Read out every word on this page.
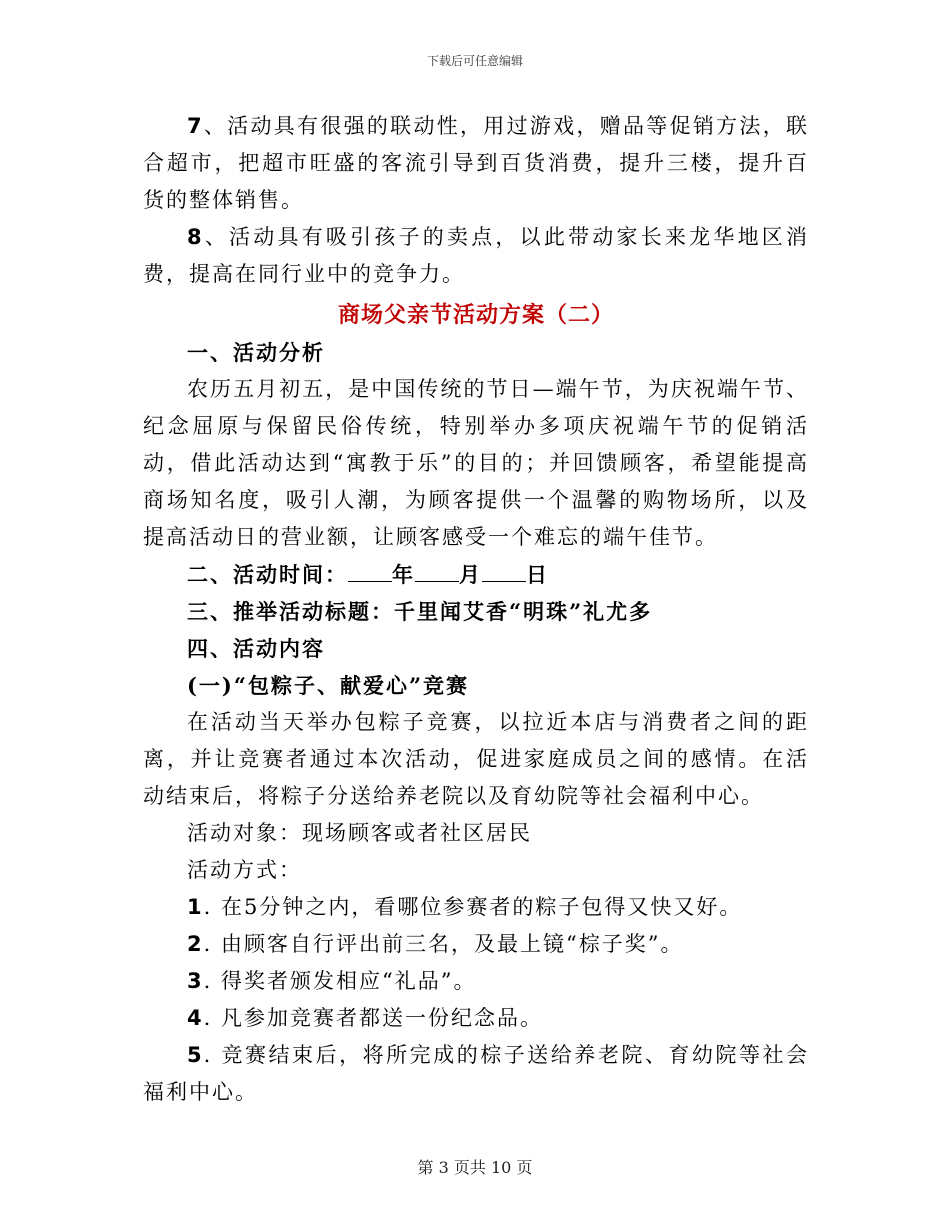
下载后可任意编辑

7、活动具有很强的联动性，用过游戏，赠品等促销方法，联合超市，把超市旺盛的客流引导到百货消费，提升三楼，提升百货的整体销售。

8、活动具有吸引孩子的卖点，以此带动家长来龙华地区消费，提高在同行业中的竞争力。

商场父亲节活动方案（二）

一、活动分析

农历五月初五，是中国传统的节日—端午节，为庆祝端午节、纪念屈原与保留民俗传统，特别举办多项庆祝端午节的促销活动，借此活动达到“寓教于乐”的目的；并回馈顾客，希望能提高商场知名度，吸引人潮，为顾客提供一个温馨的购物场所，以及提高活动日的营业额，让顾客感受一个难忘的端午佳节。

二、活动时间： 年 月 日

三、推举活动标题：千里闻艾香“明珠”礼尤多

四、活动内容

(一)“包粽子、献爱心”竞赛

在活动当天举办包粽子竞赛，以拉近本店与消费者之间的距离，并让竞赛者通过本次活动，促进家庭成员之间的感情。在活动结束后，将粽子分送给养老院以及育幼院等社会福利中心。

活动对象：现场顾客或者社区居民

活动方式：

1. 在5分钟之内，看哪位参赛者的粽子包得又快又好。

2. 由顾客自行评出前三名，及最上镜“棕子奖”。

3. 得奖者颁发相应“礼品”。

4. 凡参加竞赛者都送一份纪念品。

5. 竞赛结束后，将所完成的棕子送给养老院、育幼院等社会福利中心。

第 3 页共 10 页
